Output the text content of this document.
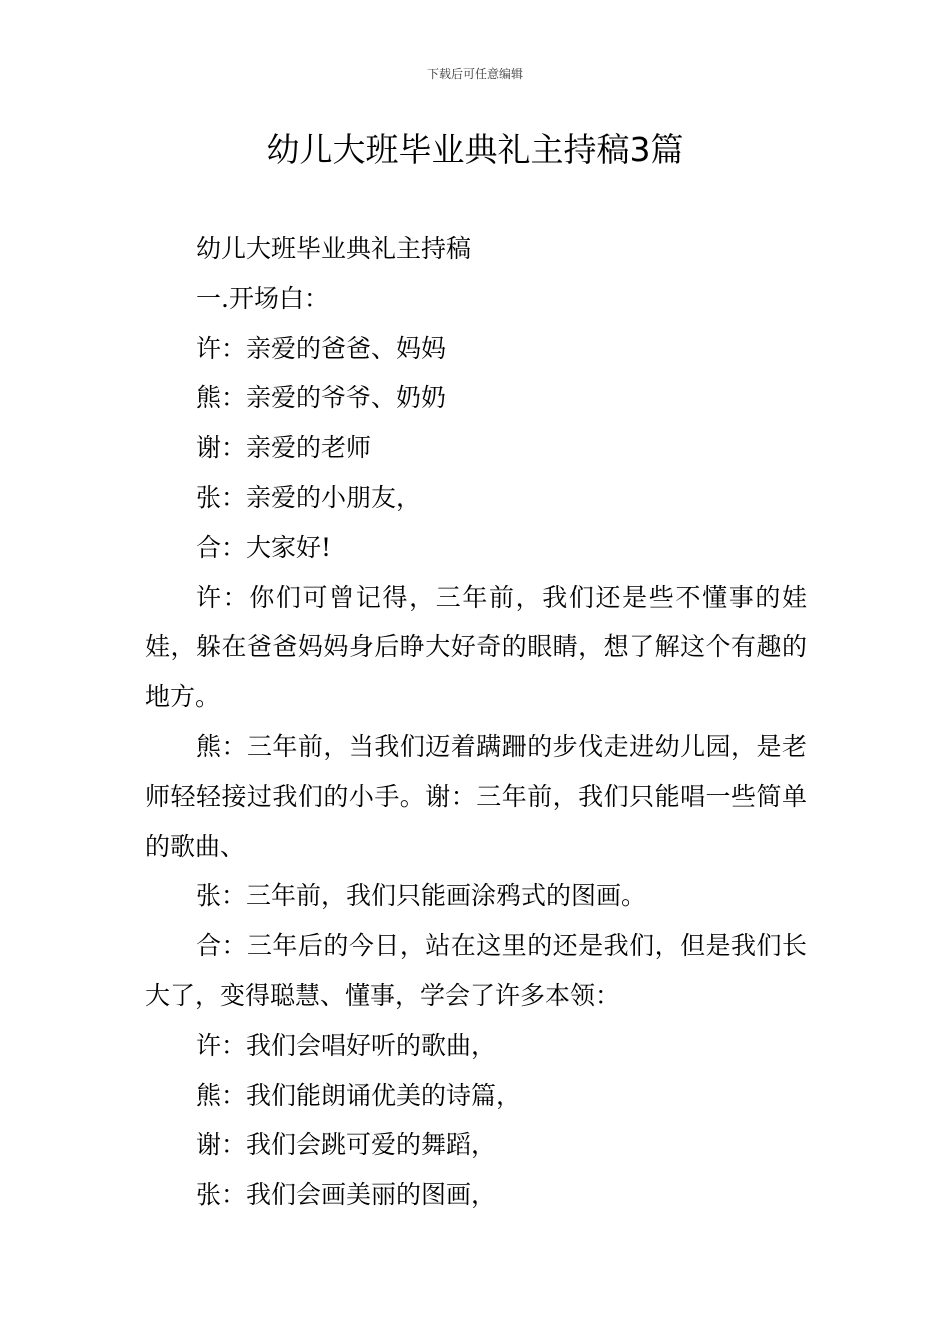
下载后可任意编辑
幼儿大班毕业典礼主持稿3篇

幼儿大班毕业典礼主持稿

一.开场白：

许：亲爱的爸爸、妈妈

熊：亲爱的爷爷、奶奶

谢：亲爱的老师

张：亲爱的小朋友，

合：大家好!

许：你们可曾记得，三年前，我们还是些不懂事的娃娃，躲在爸爸妈妈身后睁大好奇的眼睛，想了解这个有趣的地方。

熊：三年前，当我们迈着蹒跚的步伐走进幼儿园，是老师轻轻接过我们的小手。谢：三年前，我们只能唱一些简单的歌曲、

张：三年前，我们只能画涂鸦式的图画。

合：三年后的今日，站在这里的还是我们，但是我们长大了，变得聪慧、懂事，学会了许多本领：

许：我们会唱好听的歌曲，

熊：我们能朗诵优美的诗篇，

谢：我们会跳可爱的舞蹈，

张：我们会画美丽的图画，
